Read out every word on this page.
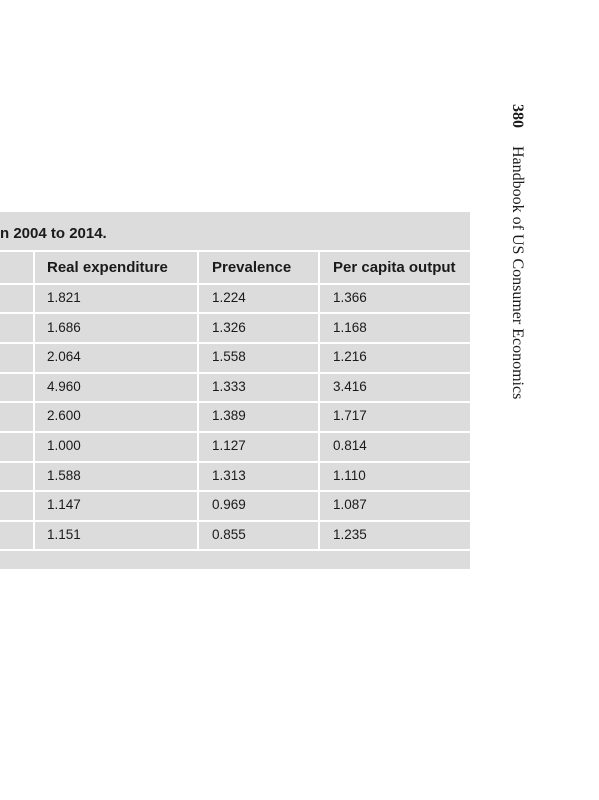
380Handbook of US Consumer Economics
n 2004 to 2014.
Real expenditure	Prevalence	Per capita output
1.821	1.224	1.366
1.686	1.326	1.168
2.064	1.558	1.216
4.960	1.333	3.416
2.600	1.389	1.717
1.000	1.127	0.814
1.588	1.313	1.110
1.147	0.969	1.087
1.151	0.855	1.235
